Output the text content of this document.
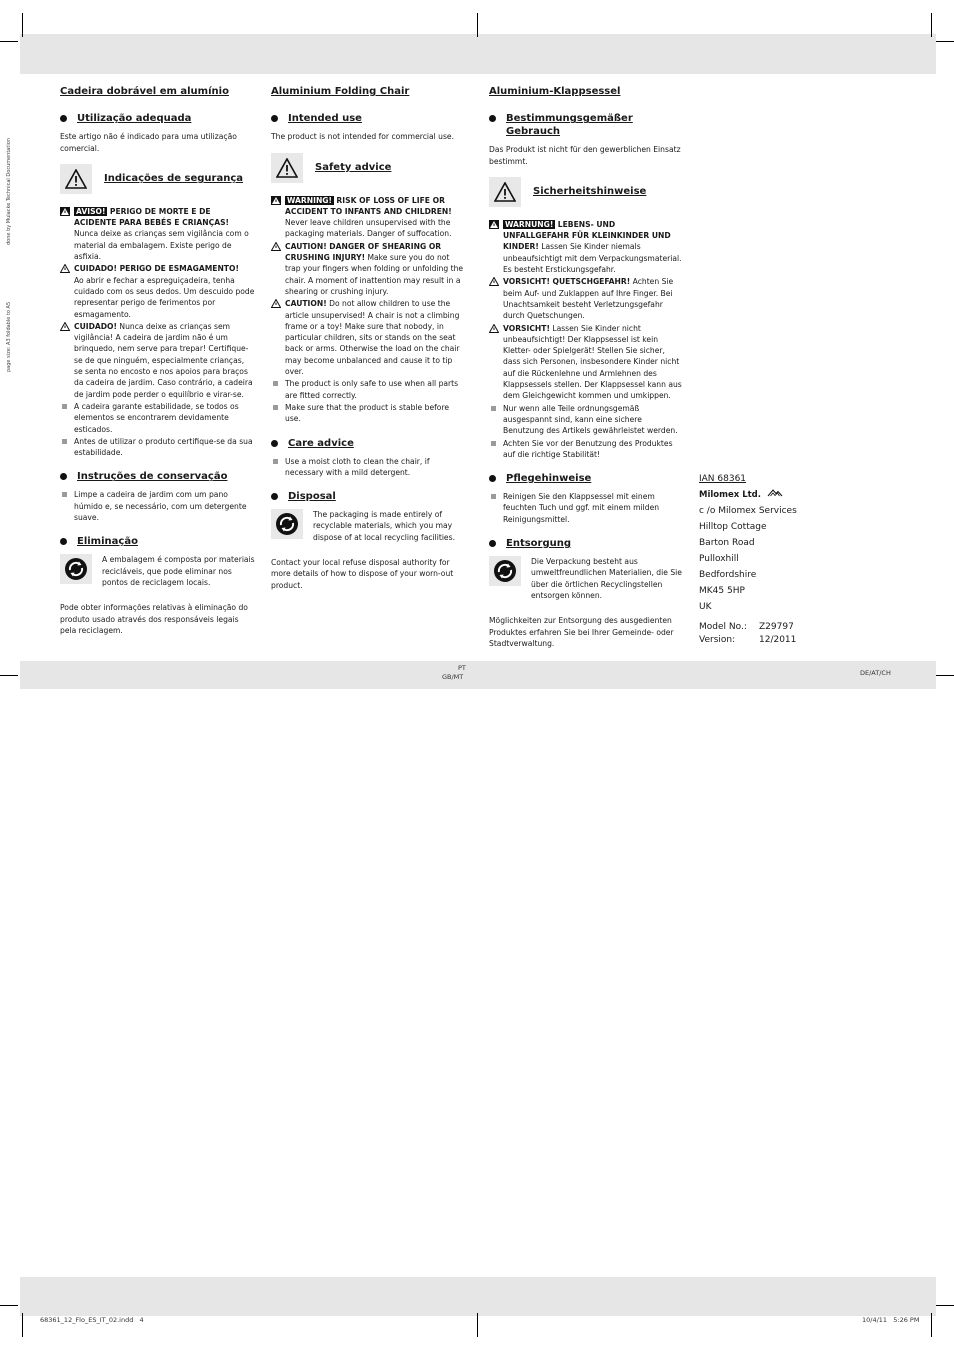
done by Mulacke Technical Documentation
page size: A3 foldable to A5
Cadeira dobrável em alumínio
Utilização adequada

Este artigo não é indicado para uma utilização comercial.

Indicações de segurança
AVISO! PERIGO DE MORTE E DE ACIDENTE PARA BEBÉS E CRIANÇAS!
Nunca deixe as crianças sem vigilância com o material da embalagem. Existe perigo de asfixia.
CUIDADO! PERIGO DE ESMAGAMENTO!
Ao abrir e fechar a espreguiçadeira, tenha cuidado com os seus dedos. Um descuido pode representar perigo de ferimentos por esmagamento.
CUIDADO! Nunca deixe as crianças sem vigilância! A cadeira de jardim não é um brinquedo, nem serve para trepar! Certifique-se de que ninguém, especialmente crianças, se senta no encosto e nos apoios para braços da cadeira de jardim. Caso contrário, a cadeira de jardim pode perder o equilíbrio e virar-se.
A cadeira garante estabilidade, se todos os elementos se encontrarem devidamente esticados.
Antes de utilizar o produto certifique-se da sua estabilidade.
Instruções de conservação
Limpe a cadeira de jardim com um pano húmido e, se necessário, com um detergente suave.
Eliminação
A embalagem é composta por materiais recicláveis, que pode eliminar nos pontos de reciclagem locais.

Pode obter informações relativas à eliminação do produto usado através dos responsáveis legais pela reciclagem.

Aluminium Folding Chair
Intended use

The product is not intended for commercial use.

Safety advice
WARNING! RISK OF LOSS OF LIFE OR ACCIDENT TO INFANTS AND CHILDREN!
Never leave children unsupervised with the packaging materials. Danger of suffocation.
CAUTION! DANGER OF SHEARING OR CRUSHING INJURY! Make sure you do not trap your fingers when folding or unfolding the chair. A moment of inattention may result in a shearing or crushing injury.
CAUTION! Do not allow children to use the article unsupervised! A chair is not a climbing frame or a toy! Make sure that nobody, in particular children, sits or stands on the seat back or arms. Otherwise the load on the chair may become unbalanced and cause it to tip over.
The product is only safe to use when all parts are fitted correctly.
Make sure that the product is stable before use.
Care advice
Use a moist cloth to clean the chair, if necessary with a mild detergent.
Disposal
The packaging is made entirely of recyclable materials, which you may dispose of at local recycling facilities.

Contact your local refuse disposal authority for more details of how to dispose of your worn-out product.

Aluminium-Klappsessel
Bestimmungsgemäßer Gebrauch

Das Produkt ist nicht für den gewerblichen Einsatz bestimmt.

Sicherheitshinweise
WARNUNG! LEBENS- UND UNFALLGEFAHR FÜR KLEINKINDER UND KINDER! Lassen Sie Kinder niemals unbeaufsichtigt mit dem Verpackungsmaterial. Es besteht Erstickungsgefahr.
VORSICHT! QUETSCHGEFAHR! Achten Sie beim Auf- und Zuklappen auf Ihre Finger. Bei Unachtsamkeit besteht Verletzungsgefahr durch Quetschungen.
VORSICHT! Lassen Sie Kinder nicht unbeaufsichtigt! Der Klappsessel ist kein Kletter- oder Spielgerät! Stellen Sie sicher, dass sich Personen, insbesondere Kinder nicht auf die Rückenlehne und Armlehnen des Klappsessels stellen. Der Klappsessel kann aus dem Gleichgewicht kommen und umkippen.
Nur wenn alle Teile ordnungsgemäß ausgespannt sind, kann eine sichere Benutzung des Artikels gewährleistet werden.
Achten Sie vor der Benutzung des Produktes auf die richtige Stabilität!
Pflegehinweise
Reinigen Sie den Klappsessel mit einem feuchten Tuch und ggf. mit einem milden Reinigungsmittel.
Entsorgung
Die Verpackung besteht aus umweltfreundlichen Materialien, die Sie über die örtlichen Recyclingstellen entsorgen können.

Möglichkeiten zur Entsorgung des ausgedienten Produktes erfahren Sie bei Ihrer Gemeinde- oder Stadtverwaltung.

IAN 68361
Milomex Ltd.
c /o Milomex Services
Hilltop Cottage
Barton Road
Pulloxhill
Bedfordshire
MK45 5HP
UK
Model No.:	Z29797
Version:	12/2011
PT
GB/MT	DE/AT/CH
68361_12_Flo_ES_IT_02.indd   4	10/4/11   5:26 PM
